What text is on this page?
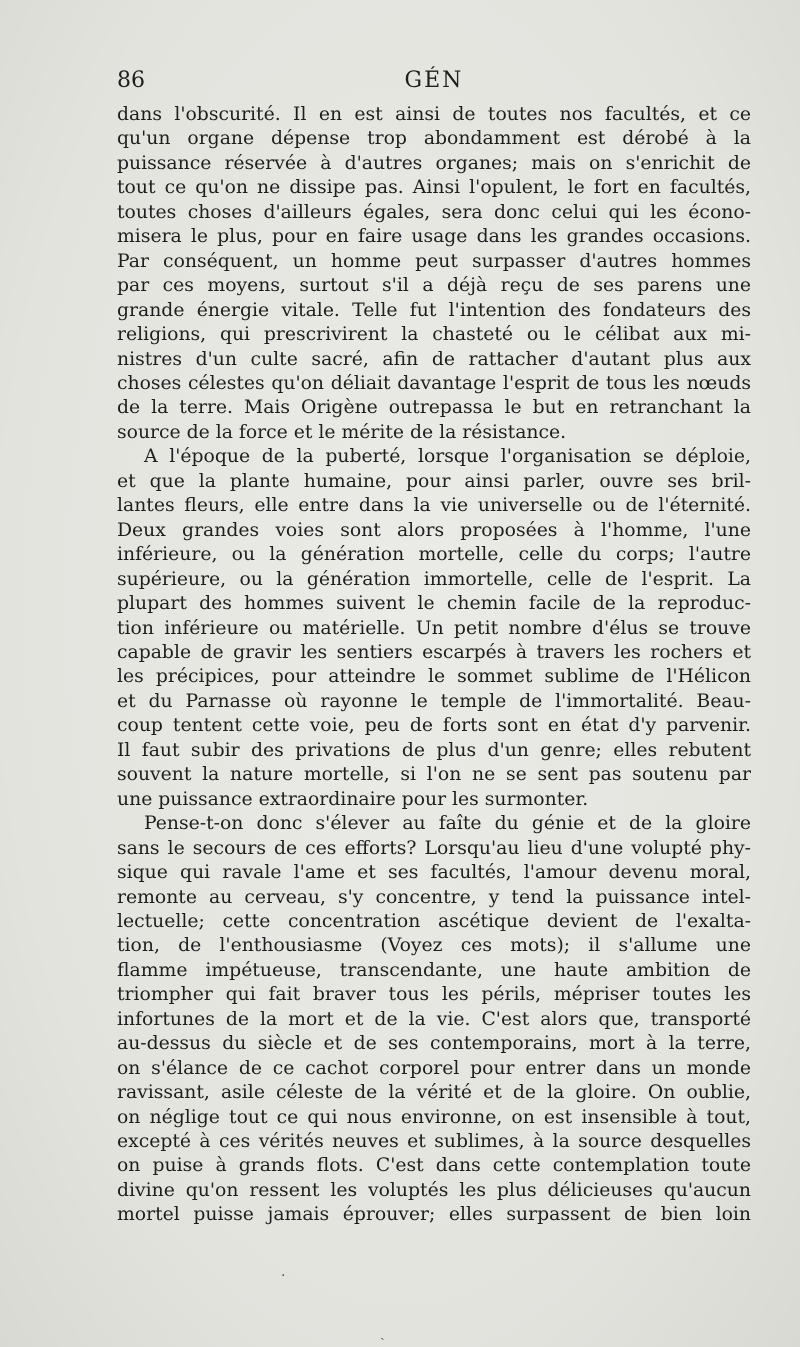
86	GÉN
dans l'obscurité. Il en est ainsi de toutes nos facultés, et ce
qu'un organe dépense trop abondamment est dérobé à la
puissance réservée à d'autres organes; mais on s'enrichit de
tout ce qu'on ne dissipe pas. Ainsi l'opulent, le fort en facultés,
toutes choses d'ailleurs égales, sera donc celui qui les écono-
misera le plus, pour en faire usage dans les grandes occasions.
Par conséquent, un homme peut surpasser d'autres hommes
par ces moyens, surtout s'il a déjà reçu de ses parens une
grande énergie vitale. Telle fut l'intention des fondateurs des
religions, qui prescrivirent la chasteté ou le célibat aux mi-
nistres d'un culte sacré, afin de rattacher d'autant plus aux
choses célestes qu'on déliait davantage l'esprit de tous les nœuds
de la terre. Mais Origène outrepassa le but en retranchant la
source de la force et le mérite de la résistance.
A l'époque de la puberté, lorsque l'organisation se déploie,
et que la plante humaine, pour ainsi parler, ouvre ses bril-
lantes fleurs, elle entre dans la vie universelle ou de l'éternité.
Deux grandes voies sont alors proposées à l'homme, l'une
inférieure, ou la génération mortelle, celle du corps; l'autre
supérieure, ou la génération immortelle, celle de l'esprit. La
plupart des hommes suivent le chemin facile de la reproduc-
tion inférieure ou matérielle. Un petit nombre d'élus se trouve
capable de gravir les sentiers escarpés à travers les rochers et
les précipices, pour atteindre le sommet sublime de l'Hélicon
et du Parnasse où rayonne le temple de l'immortalité. Beau-
coup tentent cette voie, peu de forts sont en état d'y parvenir.
Il faut subir des privations de plus d'un genre; elles rebutent
souvent la nature mortelle, si l'on ne se sent pas soutenu par
une puissance extraordinaire pour les surmonter.
Pense-t-on donc s'élever au faîte du génie et de la gloire
sans le secours de ces efforts? Lorsqu'au lieu d'une volupté phy-
sique qui ravale l'ame et ses facultés, l'amour devenu moral,
remonte au cerveau, s'y concentre, y tend la puissance intel-
lectuelle; cette concentration ascétique devient de l'exalta-
tion, de l'enthousiasme (Voyez ces mots); il s'allume une
flamme impétueuse, transcendante, une haute ambition de
triompher qui fait braver tous les périls, mépriser toutes les
infortunes de la mort et de la vie. C'est alors que, transporté
au-dessus du siècle et de ses contemporains, mort à la terre,
on s'élance de ce cachot corporel pour entrer dans un monde
ravissant, asile céleste de la vérité et de la gloire. On oublie,
on néglige tout ce qui nous environne, on est insensible à tout,
excepté à ces vérités neuves et sublimes, à la source desquelles
on puise à grands flots. C'est dans cette contemplation toute
divine qu'on ressent les voluptés les plus délicieuses qu'aucun
mortel puisse jamais éprouver; elles surpassent de bien loin
·
ˎ
